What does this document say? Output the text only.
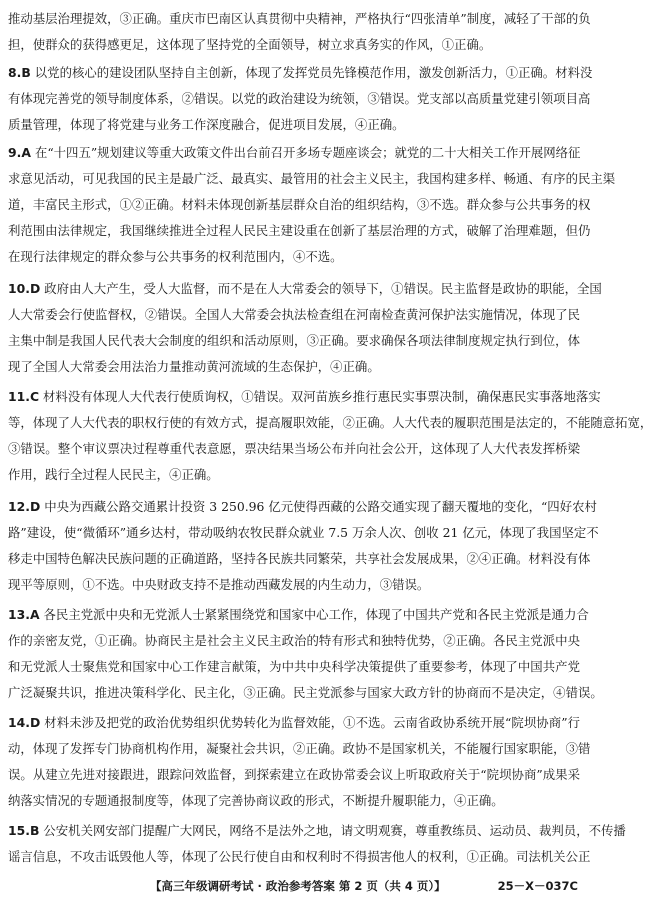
推动基层治理提效，③正确。重庆市巴南区认真贯彻中央精神，严格执行“四张清单”制度，减轻了干部的负
担，使群众的获得感更足，这体现了坚持党的全面领导，树立求真务实的作风，①正确。
8.B 以党的核心的建设团队坚持自主创新，体现了发挥党员先锋模范作用，激发创新活力，①正确。材料没
有体现完善党的领导制度体系，②错误。以党的政治建设为统领，③错误。党支部以高质量党建引领项目高
质量管理，体现了将党建与业务工作深度融合，促进项目发展，④正确。
9.A 在“十四五”规划建议等重大政策文件出台前召开多场专题座谈会；就党的二十大相关工作开展网络征
求意见活动，可见我国的民主是最广泛、最真实、最管用的社会主义民主，我国构建多样、畅通、有序的民主渠
道，丰富民主形式，①②正确。材料未体现创新基层群众自治的组织结构，③不选。群众参与公共事务的权
利范围由法律规定，我国继续推进全过程人民民主建设重在创新了基层治理的方式，破解了治理难题，但仍
在现行法律规定的群众参与公共事务的权利范围内，④不选。
10.D 政府由人大产生，受人大监督，而不是在人大常委会的领导下，①错误。民主监督是政协的职能，全国
人大常委会行使监督权，②错误。全国人大常委会执法检查组在河南检查黄河保护法实施情况，体现了民
主集中制是我国人民代表大会制度的组织和活动原则，③正确。要求确保各项法律制度规定执行到位，体
现了全国人大常委会用法治力量推动黄河流域的生态保护，④正确。
11.C 材料没有体现人大代表行使质询权，①错误。双河苗族乡推行惠民实事票决制，确保惠民实事落地落实
等，体现了人大代表的职权行使的有效方式，提高履职效能，②正确。人大代表的履职范围是法定的，不能随意拓宽，
③错误。整个审议票决过程尊重代表意愿，票决结果当场公布并向社会公开，这体现了人大代表发挥桥梁
作用，践行全过程人民民主，④正确。
12.D 中央为西藏公路交通累计投资 3 250.96 亿元使得西藏的公路交通实现了翻天覆地的变化，“四好农村
路”建设，使“微循环”通乡达村，带动吸纳农牧民群众就业 7.5 万余人次、创收 21 亿元，体现了我国坚定不
移走中国特色解决民族问题的正确道路，坚持各民族共同繁荣，共享社会发展成果，②④正确。材料没有体
现平等原则，①不选。中央财政支持不是推动西藏发展的内生动力，③错误。
13.A 各民主党派中央和无党派人士紧紧围绕党和国家中心工作，体现了中国共产党和各民主党派是通力合
作的亲密友党，①正确。协商民主是社会主义民主政治的特有形式和独特优势，②正确。各民主党派中央
和无党派人士聚焦党和国家中心工作建言献策，为中共中央科学决策提供了重要参考，体现了中国共产党
广泛凝聚共识，推进决策科学化、民主化，③正确。民主党派参与国家大政方针的协商而不是决定，④错误。
14.D 材料未涉及把党的政治优势组织优势转化为监督效能，①不选。云南省政协系统开展“院坝协商”行
动，体现了发挥专门协商机构作用，凝聚社会共识，②正确。政协不是国家机关，不能履行国家职能，③错
误。从建立先进对接跟进，跟踪问效监督，到探索建立在政协常委会议上听取政府关于“院坝协商”成果采
纳落实情况的专题通报制度等，体现了完善协商议政的形式，不断提升履职能力，④正确。
15.B 公安机关网安部门提醒广大网民，网络不是法外之地，请文明观赛，尊重教练员、运动员、裁判员，不传播
谣言信息，不攻击诋毁他人等，体现了公民行使自由和权利时不得损害他人的权利，①正确。司法机关公正
【高三年级调研考试 · 政治参考答案 第 2 页（共 4 页）】	25－X－037C
